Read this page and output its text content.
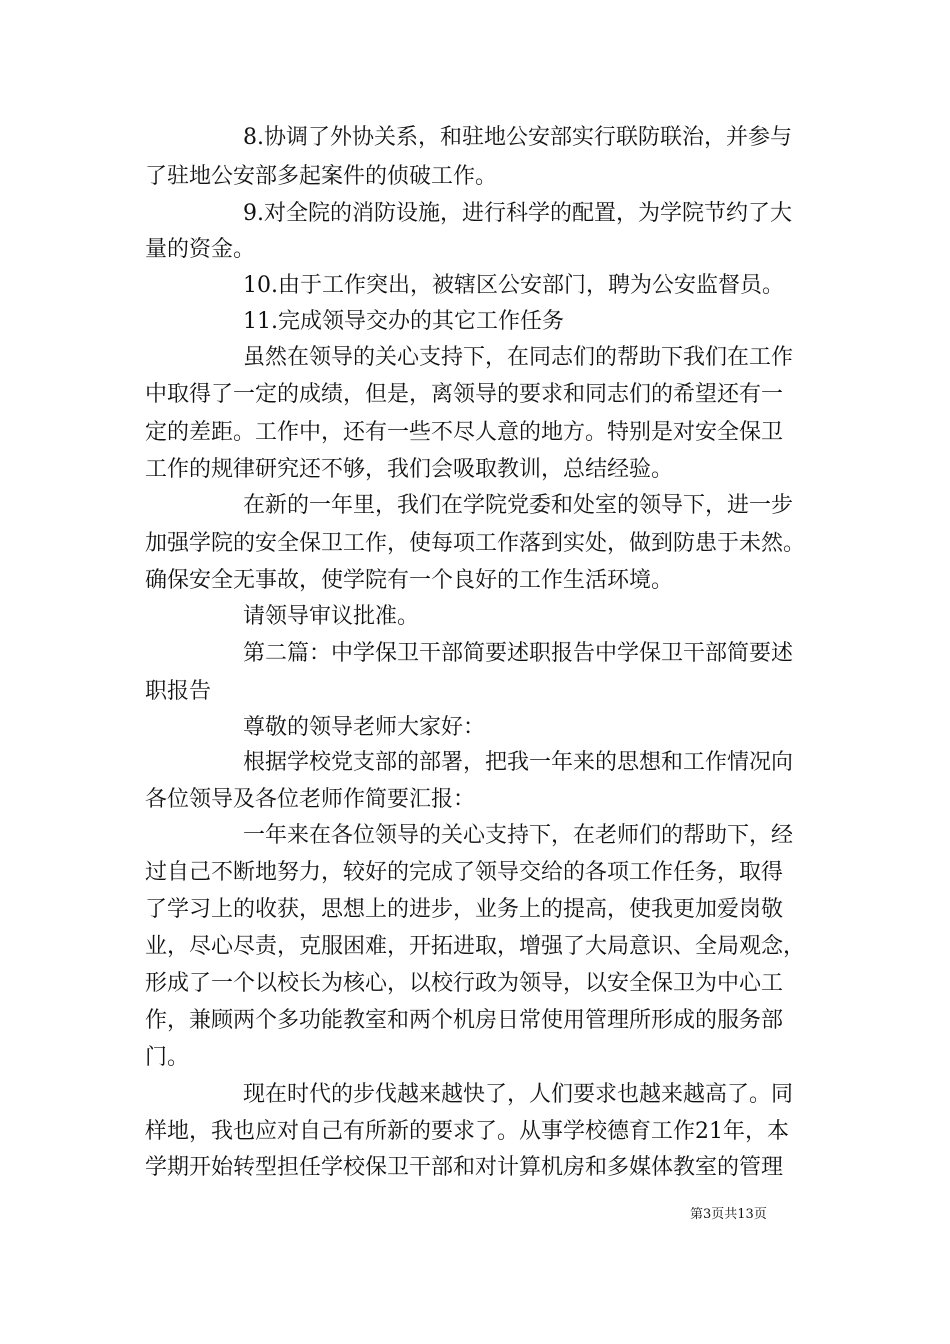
8.协调了外协关系，和驻地公安部实行联防联治，并参与
了驻地公安部多起案件的侦破工作。
9.对全院的消防设施，进行科学的配置，为学院节约了大
量的资金。
10.由于工作突出，被辖区公安部门，聘为公安监督员。
11.完成领导交办的其它工作任务
虽然在领导的关心支持下，在同志们的帮助下我们在工作
中取得了一定的成绩，但是，离领导的要求和同志们的希望还有一
定的差距。工作中，还有一些不尽人意的地方。特别是对安全保卫
工作的规律研究还不够，我们会吸取教训，总结经验。
在新的一年里，我们在学院党委和处室的领导下，进一步
加强学院的安全保卫工作，使每项工作落到实处，做到防患于未然。
确保安全无事故，使学院有一个良好的工作生活环境。
请领导审议批准。
第二篇：中学保卫干部简要述职报告中学保卫干部简要述
职报告
尊敬的领导老师大家好：
根据学校党支部的部署，把我一年来的思想和工作情况向
各位领导及各位老师作简要汇报：
一年来在各位领导的关心支持下，在老师们的帮助下，经
过自己不断地努力，较好的完成了领导交给的各项工作任务，取得
了学习上的收获，思想上的进步，业务上的提高，使我更加爱岗敬
业，尽心尽责，克服困难，开拓进取，增强了大局意识、全局观念，
形成了一个以校长为核心，以校行政为领导，以安全保卫为中心工
作，兼顾两个多功能教室和两个机房日常使用管理所形成的服务部
门。
现在时代的步伐越来越快了，人们要求也越来越高了。同
样地，我也应对自己有所新的要求了。从事学校德育工作21年，本
学期开始转型担任学校保卫干部和对计算机房和多媒体教室的管理
第3页共13页
